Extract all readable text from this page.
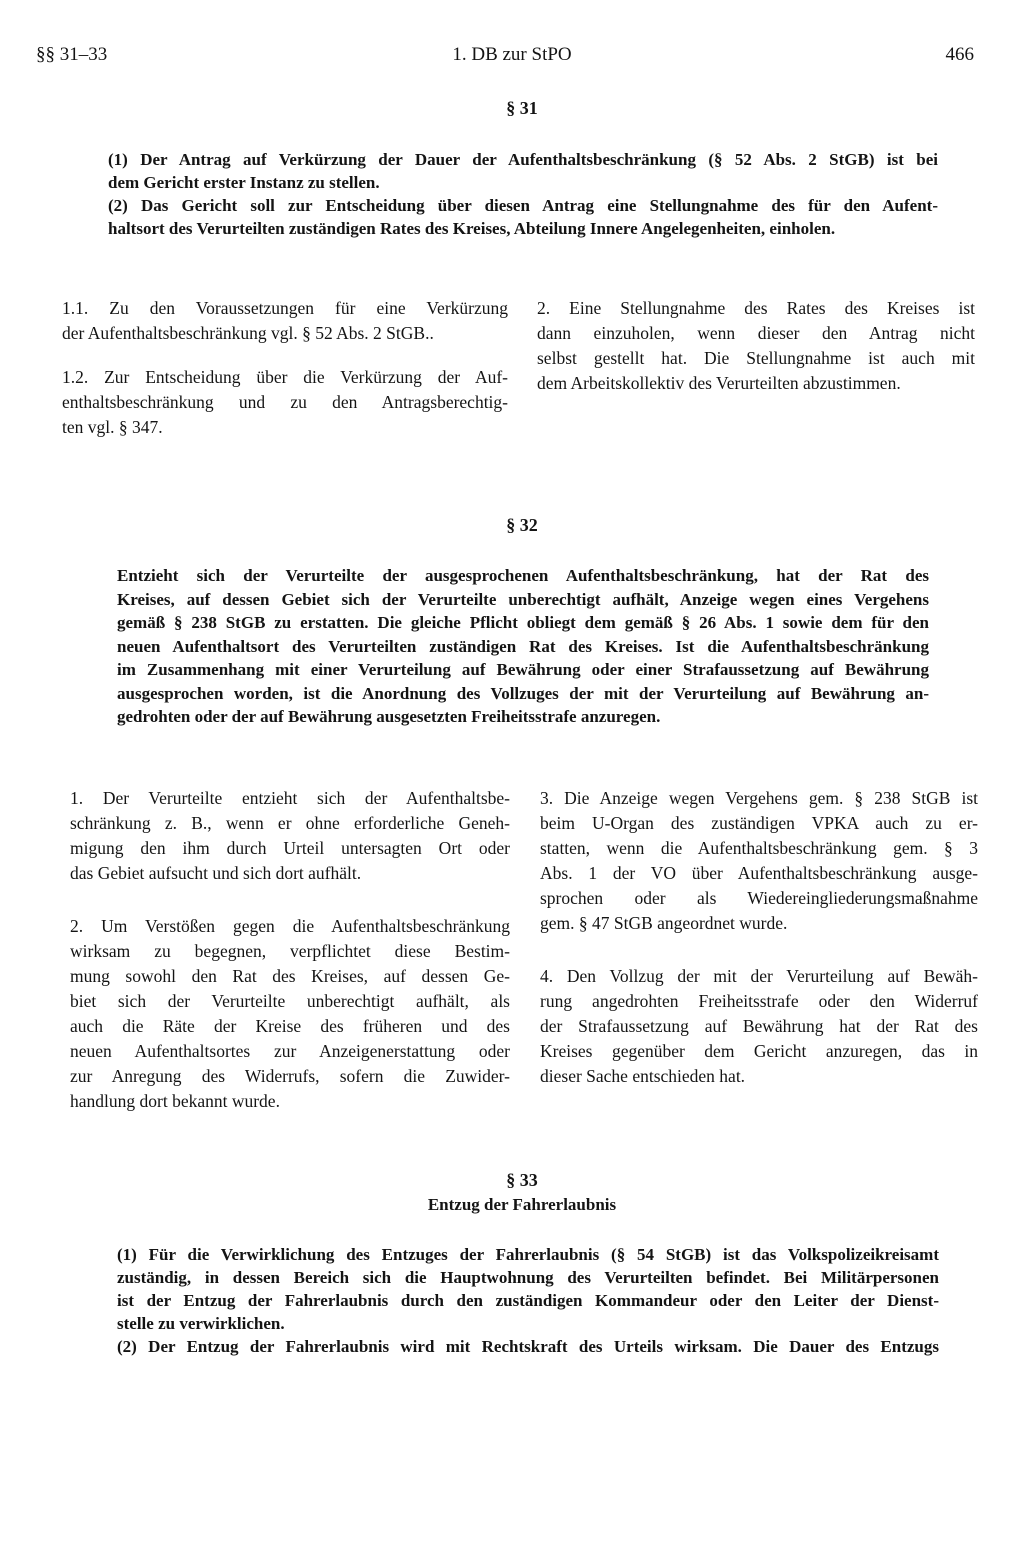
§§ 31–33	1. DB zur StPO	466
§ 31

(1) Der Antrag auf Verkürzung der Dauer der Aufenthaltsbeschränkung (§ 52 Abs. 2 StGB) ist bei

dem Gericht erster Instanz zu stellen.

(2) Das Gericht soll zur Entscheidung über diesen Antrag eine Stellungnahme des für den Aufent-

haltsort des Verurteilten zuständigen Rates des Kreises, Abteilung Innere Angelegenheiten, einholen.

1.1. Zu den Voraussetzungen für eine Verkürzung
der Aufenthaltsbeschränkung vgl. § 52 Abs. 2 StGB..

1.2. Zur Entscheidung über die Verkürzung der Auf-
enthaltsbeschränkung und zu den Antragsberechtig-
ten vgl. § 347.

2. Eine Stellungnahme des Rates des Kreises ist
dann einzuholen, wenn dieser den Antrag nicht
selbst gestellt hat. Die Stellungnahme ist auch mit
dem Arbeitskollektiv des Verurteilten abzustimmen.

§ 32

Entzieht sich der Verurteilte der ausgesprochenen Aufenthaltsbeschränkung, hat der Rat des

Kreises, auf dessen Gebiet sich der Verurteilte unberechtigt aufhält, Anzeige wegen eines Vergehens

gemäß § 238 StGB zu erstatten. Die gleiche Pflicht obliegt dem gemäß § 26 Abs. 1 sowie dem für den

neuen Aufenthaltsort des Verurteilten zuständigen Rat des Kreises. Ist die Aufenthaltsbeschränkung

im Zusammenhang mit einer Verurteilung auf Bewährung oder einer Strafaussetzung auf Bewährung

ausgesprochen worden, ist die Anordnung des Vollzuges der mit der Verurteilung auf Bewährung an-

gedrohten oder der auf Bewährung ausgesetzten Freiheitsstrafe anzuregen.

1. Der Verurteilte entzieht sich der Aufenthaltsbe-
schränkung z. B., wenn er ohne erforderliche Geneh-
migung den ihm durch Urteil untersagten Ort oder
das Gebiet aufsucht und sich dort aufhält.

2. Um Verstößen gegen die Aufenthaltsbeschränkung
wirksam zu begegnen, verpflichtet diese Bestim-
mung sowohl den Rat des Kreises, auf dessen Ge-
biet sich der Verurteilte unberechtigt aufhält, als
auch die Räte der Kreise des früheren und des
neuen Aufenthaltsortes zur Anzeigenerstattung oder
zur Anregung des Widerrufs, sofern die Zuwider-
handlung dort bekannt wurde.

3. Die Anzeige wegen Vergehens gem. § 238 StGB ist
beim U-Organ des zuständigen VPKA auch zu er-
statten, wenn die Aufenthaltsbeschränkung gem. § 3
Abs. 1 der VO über Aufenthaltsbeschränkung ausge-
sprochen oder als Wiedereingliederungsmaßnahme
gem. § 47 StGB angeordnet wurde.

4. Den Vollzug der mit der Verurteilung auf Bewäh-
rung angedrohten Freiheitsstrafe oder den Widerruf
der Strafaussetzung auf Bewährung hat der Rat des
Kreises gegenüber dem Gericht anzuregen, das in
dieser Sache entschieden hat.

§ 33
Entzug der Fahrerlaubnis

(1) Für die Verwirklichung des Entzuges der Fahrerlaubnis (§ 54 StGB) ist das Volkspolizeikreisamt

zuständig, in dessen Bereich sich die Hauptwohnung des Verurteilten befindet. Bei Militärpersonen

ist der Entzug der Fahrerlaubnis durch den zuständigen Kommandeur oder den Leiter der Dienst-

stelle zu verwirklichen.

(2) Der Entzug der Fahrerlaubnis wird mit Rechtskraft des Urteils wirksam. Die Dauer des Entzugs
